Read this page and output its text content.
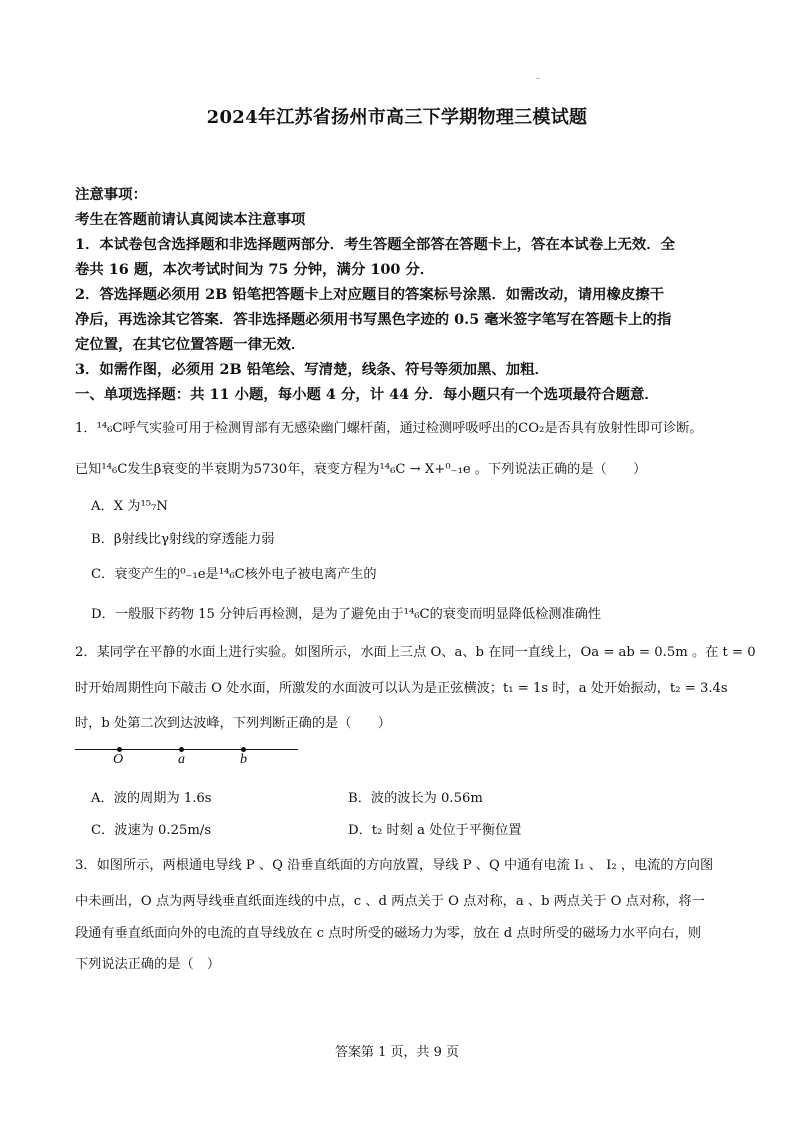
2024年江苏省扬州市高三下学期物理三模试题
注意事项：
考生在答题前请认真阅读本注意事项
1．本试卷包含选择题和非选择题两部分．考生答题全部答在答题卡上，答在本试卷上无效．全
卷共 16 题，本次考试时间为 75 分钟，满分 100 分．
2．答选择题必须用 2B 铅笔把答题卡上对应题目的答案标号涂黑．如需改动，请用橡皮擦干
净后，再选涂其它答案．答非选择题必须用书写黑色字迹的 0.5 毫米签字笔写在答题卡上的指
定位置，在其它位置答题一律无效．
3．如需作图，必须用 2B 铅笔绘、写清楚，线条、符号等须加黑、加粗．
一、单项选择题：共 11 小题，每小题 4 分，计 44 分．每小题只有一个选项最符合题意．
1．¹⁴₆C呼气实验可用于检测胃部有无感染幽门螺杆菌，通过检测呼吸呼出的CO₂是否具有放射性即可诊断。
已知¹⁴₆C发生β衰变的半衰期为5730年，衰变方程为¹⁴₆C → X+⁰₋₁e 。下列说法正确的是（　　）
A．X 为¹⁵₇N
B．β射线比γ射线的穿透能力弱
C．衰变产生的⁰₋₁e是¹⁴₆C核外电子被电离产生的
D．一般服下药物 15 分钟后再检测，是为了避免由于¹⁴₆C的衰变而明显降低检测准确性
2．某同学在平静的水面上进行实验。如图所示，水面上三点 O、a、b 在同一直线上，Oa = ab = 0.5m 。在 t = 0
时开始周期性向下敲击 O 处水面，所激发的水面波可以认为是正弦横波；t₁ = 1s 时，a 处开始振动，t₂ = 3.4s
时，b 处第二次到达波峰，下列判断正确的是（　　）
O	a	b
A．波的周期为 1.6s	B．波的波长为 0.56m
C．波速为 0.25m/s	D．t₂ 时刻 a 处位于平衡位置
3．如图所示，两根通电导线 P 、Q 沿垂直纸面的方向放置，导线 P 、Q 中通有电流 I₁ 、 I₂ ，电流的方向图
中未画出，O 点为两导线垂直纸面连线的中点，c 、d 两点关于 O 点对称，a 、b 两点关于 O 点对称，将一
段通有垂直纸面向外的电流的直导线放在 c 点时所受的磁场力为零，放在 d 点时所受的磁场力水平向右，则
下列说法正确的是（　）
答案第 1 页，共 9 页
